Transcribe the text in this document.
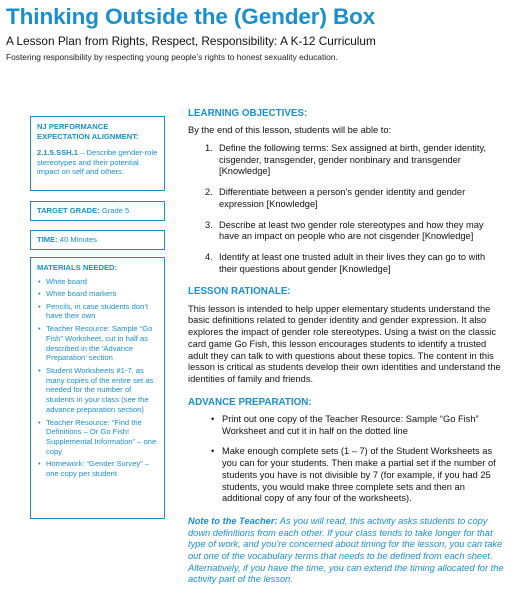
Thinking Outside the (Gender) Box
A Lesson Plan from Rights, Respect, Responsibility: A K-12 Curriculum
Fostering responsibility by respecting young people’s rights to honest sexuality education.
NJ PERFORMANCE EXPECTATION ALIGNMENT:
2.1.5.SSH.1 – Describe gender-role stereotypes and their potential impact on self and others.
TARGET GRADE: Grade 5
TIME: 40 Minutes
MATERIALS NEEDED:
• White board
• White board markers
• Pencils, in case students don’t have their own
• Teacher Resource: Sample “Go Fish” Worksheet, cut in half as described in the ‘Advance Preparation’ section
• Student Worksheets #1-7, as many copies of the entire set as needed for the number of students in your class (see the advance preparation section)
• Teacher Resource: “Find the Definitions – Or Go Fish! Supplemental Information” – one copy
• Homework: “Gender Survey” – one copy per student
LEARNING OBJECTIVES:

By the end of this lesson, students will be able to:

1. Define the following terms: Sex assigned at birth, gender identity, cisgender, transgender, gender nonbinary and transgender [Knowledge]
2. Differentiate between a person’s gender identity and gender expression [Knowledge]
3. Describe at least two gender role stereotypes and how they may have an impact on people who are not cisgender [Knowledge]
4. Identify at least one trusted adult in their lives they can go to with their questions about gender [Knowledge]
LESSON RATIONALE:

This lesson is intended to help upper elementary students understand the basic definitions related to gender identity and gender expression. It also explores the impact of gender role stereotypes. Using a twist on the classic card game Go Fish, this lesson encourages students to identify a trusted adult they can talk to with questions about these topics. The content in this lesson is critical as students develop their own identities and understand the identities of family and friends.

ADVANCE PREPARATION:
• Print out one copy of the Teacher Resource: Sample “Go Fish” Worksheet and cut it in half on the dotted line
• Make enough complete sets (1 – 7) of the Student Worksheets as you can for your students. Then make a partial set if the number of students you have is not divisible by 7 (for example, if you had 25 students, you would make three complete sets and then an additional copy of any four of the worksheets).

Note to the Teacher: As you will read, this activity asks students to copy down definitions from each other. If your class tends to take longer for that type of work, and you’re concerned about timing for the lesson, you can take out one of the vocabulary terms that needs to be defined from each sheet. Alternatively, if you have the time, you can extend the timing allocated for the activity part of the lesson.
